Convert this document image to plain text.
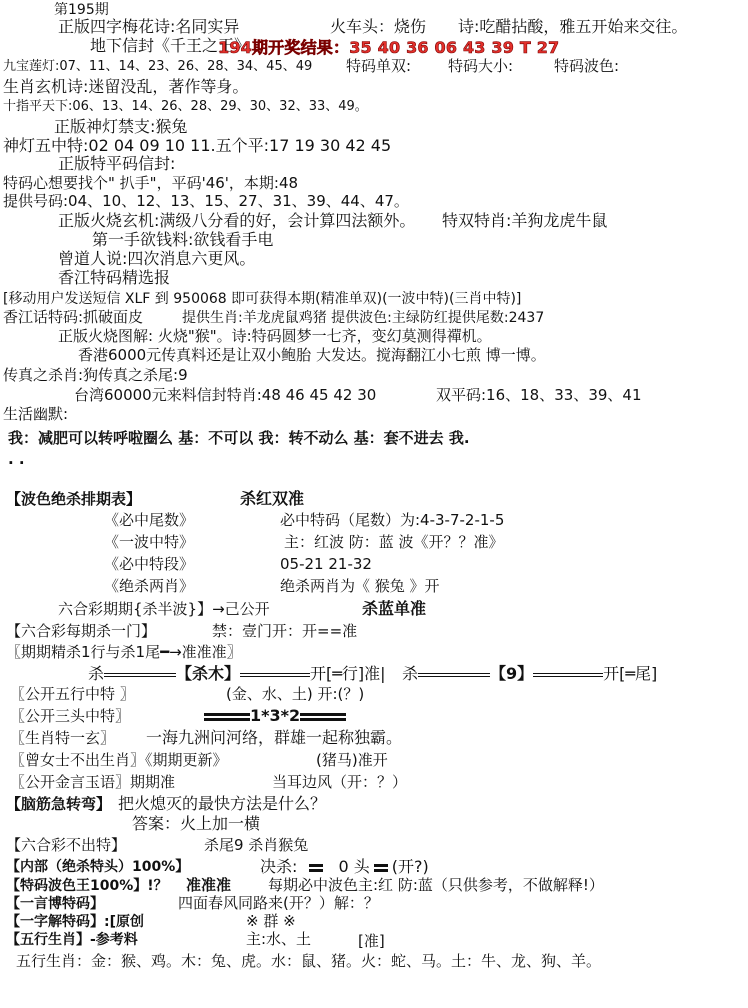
第195期
正版四字梅花诗:名同实异	火车头：烧伤 诗:吃醋拈酸，雅五开始来交往。
地下信封《千王之王》
194期开奖结果：35 40 36 06 43 39 T 27
九宝莲灯:07、11、14、23、26、28、34、45、49 特码单双: 特码大小:	特码波色:
生肖玄机诗:迷留没乱，著作等身。
十指平天下:06、13、14、26、28、29、30、32、33、49。
正版神灯禁支:猴兔
神灯五中特:02 04 09 10 11.五个平:17 19 30 42 45
正版特平码信封:
特码心想要找个" 扒手"，平码'46'，本期:48
提供号码:04、10、12、13、15、27、31、39、44、47。
正版火烧玄机:满级八分看的好，会计算四法额外。 特双特肖:羊狗龙虎牛鼠
第一手欲钱料:欲钱看手电
曾道人说:四次消息六更风。
香江特码精选报
[移动用户发送短信 XLF 到 950068 即可获得本期(精准单双)(一波中特)(三肖中特)]
香江话特码:抓破面皮	提供生肖:羊龙虎鼠鸡猪 提供波色:主绿防红提供尾数:2437
正版火烧图解: 火烧"猴"。诗:特码圆梦一七齐，变幻莫测得禪机。
香港6000元传真料还是让双小鲍胎 大发达。搅海翻江小七煎 博一博。
传真之杀肖:狗传真之杀尾:9
台湾60000元来料信封特肖:48 46 45 42 30	双平码:16、18、33、39、41
生活幽默:
我：减肥可以转呼啦圈么 基：不可以 我：转不动么 基：套不进去 我.
. .
【波色绝杀排期表】	杀红双准
《必中尾数》	必中特码（尾数）为:4-3-7-2-1-5
《一波中特》	主：红波 防：蓝 波《开？？准》
《必中特段》	05-21 21-32
《绝杀两肖》	绝杀两肖为《 猴兔 》开
六合彩期期{杀半波}】→己公开	杀蓝单准
【六合彩每期杀一门】	禁：壹门开：开==准
〖期期精杀1行与杀1尾━→准准准〗
杀	【杀木】	开[═行]准| 杀	【9】	开[═尾]
〖公开五行中特 〗	(金、水、土) 开:(？)
〖公开三头中特〗	1*3*2
〖生肖特一玄〗 一海九洲问河络，群雄一起称独霸。
〖曾女士不出生肖〗《期期更新》	(猪马)准开
〖公开金言玉语〗期期准	当耳边风（开：？）
【脑筋急转弯】 把火熄灭的最快方法是什么？
答案：火上加一横
【六合彩不出特】	杀尾9 杀肖猴兔
【内部（绝杀特头）100%】	决杀:	0 头 (开?)
【特码波色王100%】!？ 准准准 每期必中波色主:红 防:蓝（只供参考，不做解释!）
【一言博特码】	四面春风同路来(开？）解：？
【一字解特码】:[原创	※ 群 ※
【五行生肖】-参考料	主:水、土	[准]
五行生肖：金：猴、鸡。木：兔、虎。水：鼠、猪。火：蛇、马。土：牛、龙、狗、羊。
